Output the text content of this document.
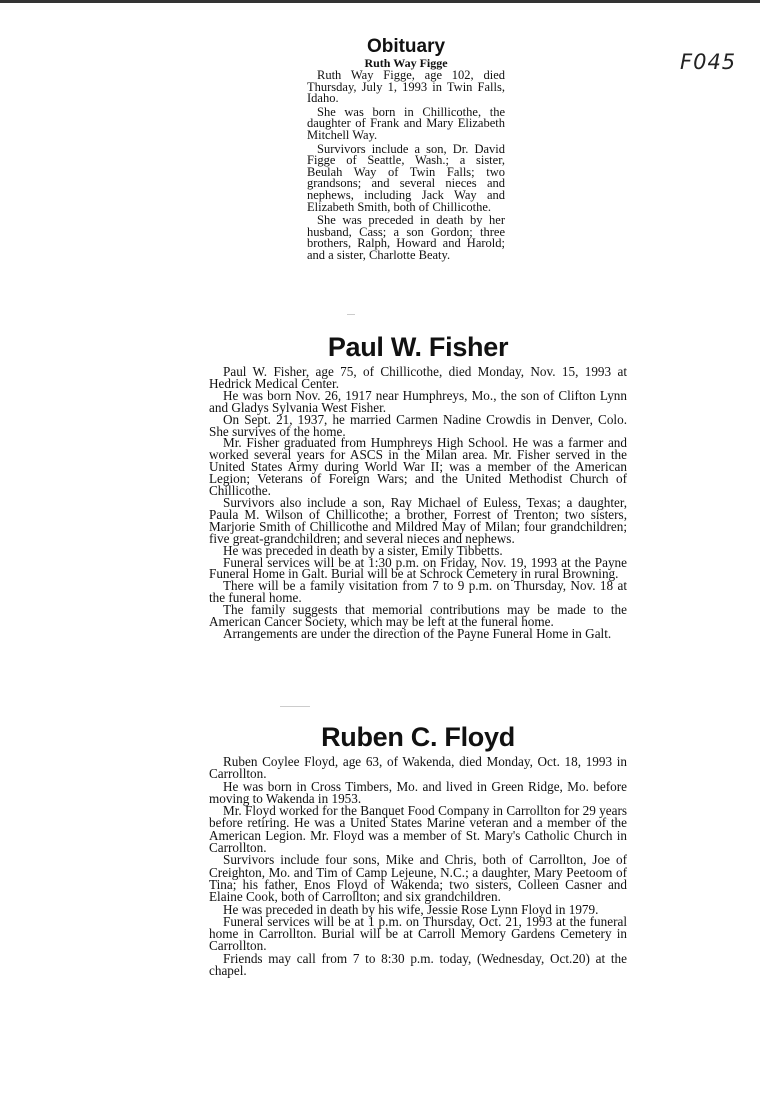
F045
Obituary
Ruth Way Figge

Ruth Way Figge, age 102, died Thursday, July 1, 1993 in Twin Falls, Idaho.

She was born in Chillicothe, the daughter of Frank and Mary Elizabeth Mitchell Way.

Survivors include a son, Dr. David Figge of Seattle, Wash.; a sister, Beulah Way of Twin Falls; two grandsons; and several nieces and nephews, including Jack Way and Elizabeth Smith, both of Chillicothe.

She was preceded in death by her husband, Cass; a son Gordon; three brothers, Ralph, Howard and Harold; and a sister, Charlotte Beaty.

Paul W. Fisher

Paul W. Fisher, age 75, of Chillicothe, died Monday, Nov. 15, 1993 at Hedrick Medical Center.

He was born Nov. 26, 1917 near Humphreys, Mo., the son of Clifton Lynn and Gladys Sylvania West Fisher.

On Sept. 21, 1937, he married Carmen Nadine Crowdis in Denver, Colo. She survives of the home.

Mr. Fisher graduated from Humphreys High School. He was a farmer and worked several years for ASCS in the Milan area. Mr. Fisher served in the United States Army during World War II; was a member of the American Legion; Veterans of Foreign Wars; and the United Methodist Church of Chillicothe.

Survivors also include a son, Ray Michael of Euless, Texas; a daughter, Paula M. Wilson of Chillicothe; a brother, Forrest of Trenton; two sisters, Marjorie Smith of Chillicothe and Mildred May of Milan; four grandchildren; five great-grandchildren; and several nieces and nephews.

He was preceded in death by a sister, Emily Tibbetts.

Funeral services will be at 1:30 p.m. on Friday, Nov. 19, 1993 at the Payne Funeral Home in Galt. Burial will be at Schrock Cemetery in rural Browning.

There will be a family visitation from 7 to 9 p.m. on Thursday, Nov. 18 at the funeral home.

The family suggests that memorial contributions may be made to the American Cancer Society, which may be left at the funeral home.

Arrangements are under the direction of the Payne Funeral Home in Galt.

Ruben C. Floyd

Ruben Coylee Floyd, age 63, of Wakenda, died Monday, Oct. 18, 1993 in Carrollton.

He was born in Cross Timbers, Mo. and lived in Green Ridge, Mo. before moving to Wakenda in 1953.

Mr. Floyd worked for the Banquet Food Company in Carrollton for 29 years before retiring. He was a United States Marine veteran and a member of the American Legion. Mr. Floyd was a member of St. Mary's Catholic Church in Carrollton.

Survivors include four sons, Mike and Chris, both of Carrollton, Joe of Creighton, Mo. and Tim of Camp Lejeune, N.C.; a daughter, Mary Peetoom of Tina; his father, Enos Floyd of Wakenda; two sisters, Colleen Casner and Elaine Cook, both of Carrollton; and six grandchildren.

He was preceded in death by his wife, Jessie Rose Lynn Floyd in 1979.

Funeral services will be at 1 p.m. on Thursday, Oct. 21, 1993 at the funeral home in Carrollton. Burial will be at Carroll Memory Gardens Cemetery in Carrollton.

Friends may call from 7 to 8:30 p.m. today, (Wednesday, Oct.20) at the chapel.
